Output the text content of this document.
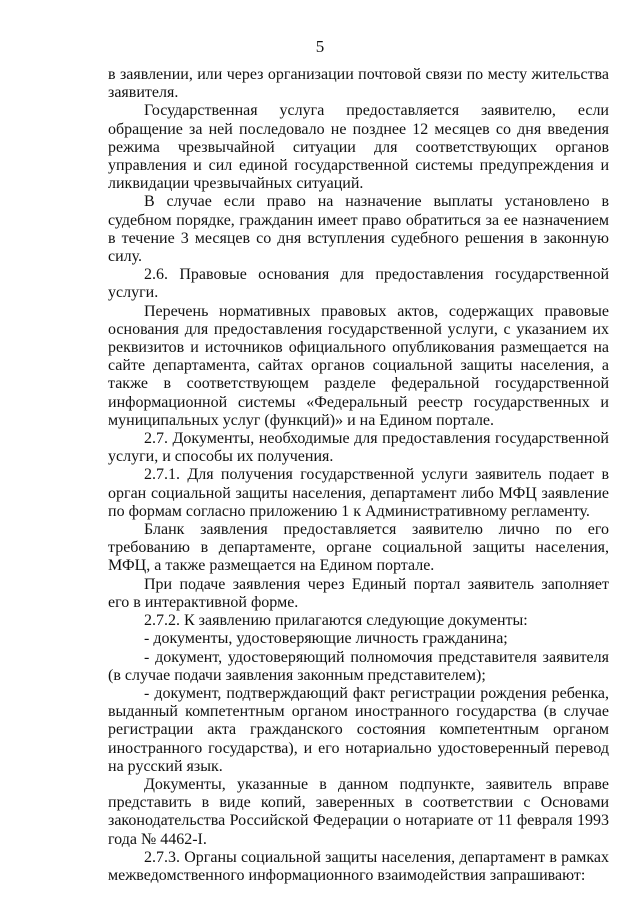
5

в заявлении, или через организации почтовой связи по месту жительства заявителя.

Государственная услуга предоставляется заявителю, если обращение за ней последовало не позднее 12 месяцев со дня введения режима чрезвычайной ситуации для соответствующих органов управления и сил единой государственной системы предупреждения и ликвидации чрезвычайных ситуаций.

В случае если право на назначение выплаты установлено в судебном порядке, гражданин имеет право обратиться за ее назначением в течение 3 месяцев со дня вступления судебного решения в законную силу.

2.6. Правовые основания для предоставления государственной услуги.

Перечень нормативных правовых актов, содержащих правовые основания для предоставления государственной услуги, с указанием их реквизитов и источников официального опубликования размещается на сайте департамента, сайтах органов социальной защиты населения, а также в соответствующем разделе федеральной государственной информационной системы «Федеральный реестр государственных и муниципальных услуг (функций)» и на Едином портале.

2.7. Документы, необходимые для предоставления государственной услуги, и способы их получения.

2.7.1. Для получения государственной услуги заявитель подает в орган социальной защиты населения, департамент либо МФЦ заявление по формам согласно приложению 1 к Административному регламенту.

Бланк заявления предоставляется заявителю лично по его требованию в департаменте, органе социальной защиты населения, МФЦ, а также размещается на Едином портале.

При подаче заявления через Единый портал заявитель заполняет его в интерактивной форме.

2.7.2. К заявлению прилагаются следующие документы:

- документы, удостоверяющие личность гражданина;

- документ, удостоверяющий полномочия представителя заявителя (в случае подачи заявления законным представителем);

- документ, подтверждающий факт регистрации рождения ребенка, выданный компетентным органом иностранного государства (в случае регистрации акта гражданского состояния компетентным органом иностранного государства), и его нотариально удостоверенный перевод на русский язык.

Документы, указанные в данном подпункте, заявитель вправе представить в виде копий, заверенных в соответствии с Основами законодательства Российской Федерации о нотариате от 11 февраля 1993 года № 4462-I.

2.7.3. Органы социальной защиты населения, департамент в рамках межведомственного информационного взаимодействия запрашивают:
